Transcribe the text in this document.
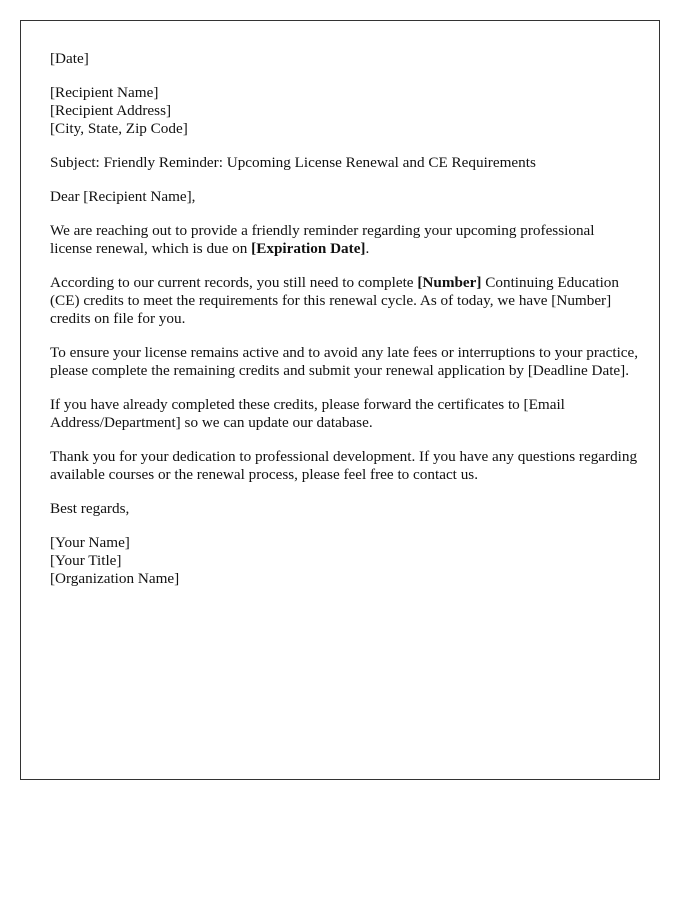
[Date]

[Recipient Name]
[Recipient Address]
[City, State, Zip Code]

Subject: Friendly Reminder: Upcoming License Renewal and CE Requirements

Dear [Recipient Name],

We are reaching out to provide a friendly reminder regarding your upcoming professional license renewal, which is due on [Expiration Date].

According to our current records, you still need to complete [Number] Continuing Education (CE) credits to meet the requirements for this renewal cycle. As of today, we have [Number] credits on file for you.

To ensure your license remains active and to avoid any late fees or interruptions to your practice, please complete the remaining credits and submit your renewal application by [Deadline Date].

If you have already completed these credits, please forward the certificates to [Email Address/Department] so we can update our database.

Thank you for your dedication to professional development. If you have any questions regarding available courses or the renewal process, please feel free to contact us.

Best regards,

[Your Name]
[Your Title]
[Organization Name]
